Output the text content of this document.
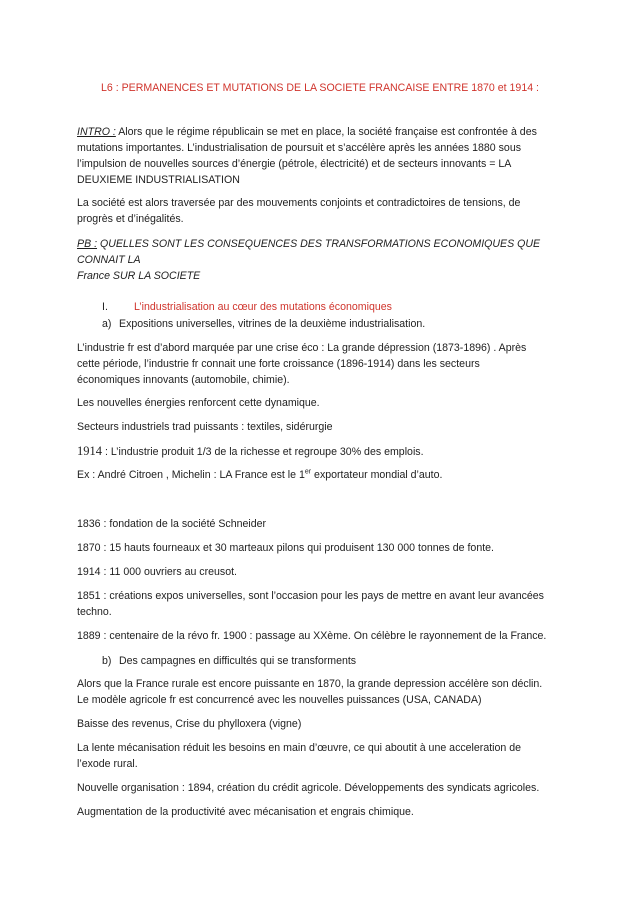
L6 : PERMANENCES ET MUTATIONS DE LA SOCIETE FRANCAISE ENTRE 1870 et 1914 :
INTRO : Alors que le régime républicain se met en place, la société française est confrontée à des
mutations importantes. L’industrialisation de poursuit et s’accélère après les années 1880 sous
l’impulsion de nouvelles sources d’énergie (pétrole, électricité) et de secteurs innovants = LA
DEUXIEME INDUSTRIALISATION
La société est alors traversée par des mouvements conjoints et contradictoires de tensions, de
progrès et d’inégalités.
PB : QUELLES SONT LES CONSEQUENCES DES TRANSFORMATIONS ECONOMIQUES QUE CONNAIT LA
France SUR LA SOCIETE
I.	L’industrialisation au cœur des mutations économiques
a) Expositions universelles, vitrines de la deuxième industrialisation.
L’industrie fr est d’abord marquée par une crise éco : La grande dépression (1873-1896) . Après
cette période, l’industrie fr connait une forte croissance (1896-1914) dans les secteurs
économiques innovants (automobile, chimie).
Les nouvelles énergies renforcent cette dynamique.
Secteurs industriels trad puissants : textiles, sidérurgie
1914 : L’industrie produit 1/3 de la richesse et regroupe 30% des emplois.
Ex : André Citroen , Michelin : LA France est le 1er exportateur mondial d’auto.
1836 : fondation de la société Schneider
1870 : 15 hauts fourneaux et 30 marteaux pilons qui produisent 130 000 tonnes de fonte.
1914 : 11 000 ouvriers au creusot.
1851 : créations expos universelles, sont l’occasion pour les pays de mettre en avant leur avancées
techno.
1889 : centenaire de la révo fr. 1900 : passage au XXème. On célèbre le rayonnement de la France.
b) Des campagnes en difficultés qui se transforments
Alors que la France rurale est encore puissante en 1870, la grande depression accélère son déclin.
Le modèle agricole fr est concurrencé avec les nouvelles puissances (USA, CANADA)
Baisse des revenus, Crise du phylloxera (vigne)
La lente mécanisation réduit les besoins en main d’œuvre, ce qui aboutit à une acceleration de
l’exode rural.
Nouvelle organisation : 1894, création du crédit agricole. Développements des syndicats agricoles.
Augmentation de la productivité avec mécanisation et engrais chimique.
